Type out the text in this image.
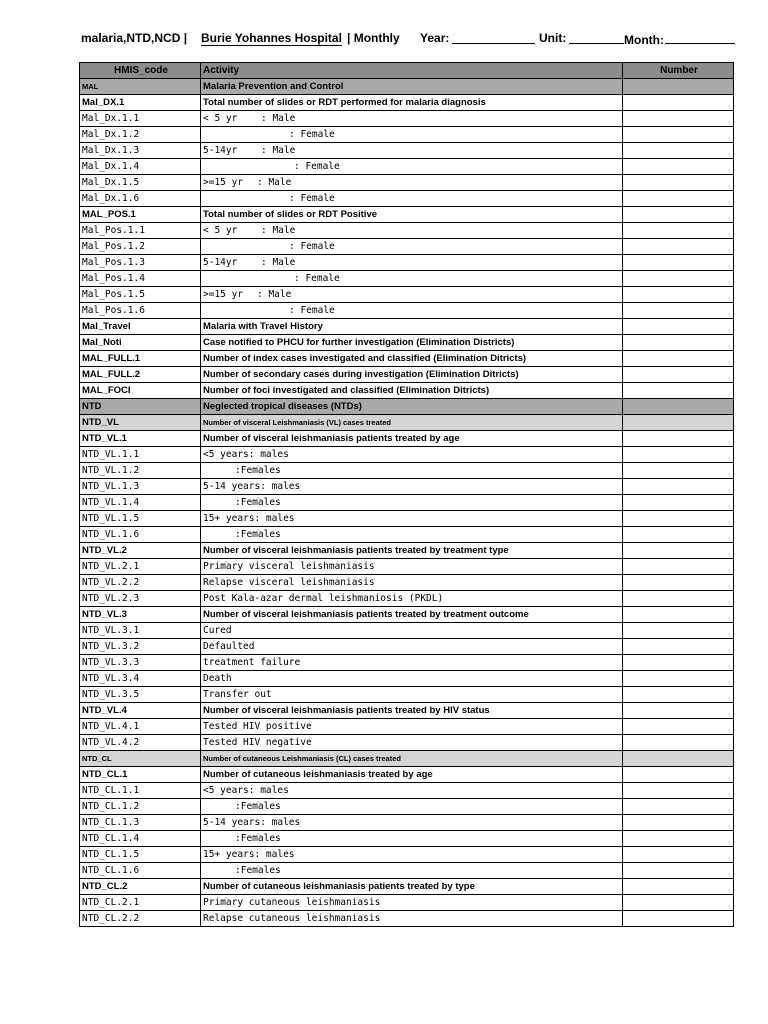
malaria,NTD,NCD | Burie Yohannes Hospital | Monthly Year:	Unit:	Month:
HMIS_code	Activity	Number
MAL	Malaria Prevention and Control	
Mal_DX.1	Total number of slides or RDT performed for malaria diagnosis	
Mal_Dx.1.1	< 5 yr : Male	
Mal_Dx.1.2	: Female	
Mal_Dx.1.3	5-14yr : Male	
Mal_Dx.1.4	: Female	
Mal_Dx.1.5	>=15 yr : Male	
Mal_Dx.1.6	: Female	
MAL_POS.1	Total number of slides or RDT Positive	
Mal_Pos.1.1	< 5 yr : Male	
Mal_Pos.1.2	: Female	
Mal_Pos.1.3	5-14yr : Male	
Mal_Pos.1.4	: Female	
Mal_Pos.1.5	>=15 yr : Male	
Mal_Pos.1.6	: Female	
Mal_Travel	Malaria with Travel History	
Mal_Noti	Case notified to PHCU for further investigation (Elimination Districts)	
MAL_FULL.1	Number of index cases investigated and classified (Elimination Ditricts)	
MAL_FULL.2	Number of secondary cases during investigation (Elimination Ditricts)	
MAL_FOCI	Number of foci investigated and classified (Elimination Ditricts)	
NTD	Neglected tropical diseases (NTDs)	
NTD_VL	Number of visceral Leishmaniasis (VL) cases treated	
NTD_VL.1	Number of visceral leishmaniasis patients treated by age	
NTD_VL.1.1	<5 years: males	
NTD_VL.1.2	:Females	
NTD_VL.1.3	5-14 years: males	
NTD_VL.1.4	:Females	
NTD_VL.1.5	15+ years: males	
NTD_VL.1.6	:Females	
NTD_VL.2	Number of visceral leishmaniasis patients treated by treatment type	
NTD_VL.2.1	Primary visceral leishmaniasis	
NTD_VL.2.2	Relapse visceral leishmaniasis	
NTD_VL.2.3	Post Kala-azar dermal leishmaniosis (PKDL)	
NTD_VL.3	Number of visceral leishmaniasis patients treated by treatment outcome	
NTD_VL.3.1	Cured	
NTD_VL.3.2	Defaulted	
NTD_VL.3.3	treatment failure	
NTD_VL.3.4	Death	
NTD_VL.3.5	Transfer out	
NTD_VL.4	Number of visceral leishmaniasis patients treated by HIV status	
NTD_VL.4.1	Tested HIV positive	
NTD_VL.4.2	Tested HIV negative	
NTD_CL	Number of cutaneous Leishmaniasis (CL) cases treated	
NTD_CL.1	Number of cutaneous leishmaniasis treated by age	
NTD_CL.1.1	<5 years: males	
NTD_CL.1.2	:Females	
NTD_CL.1.3	5-14 years: males	
NTD_CL.1.4	:Females	
NTD_CL.1.5	15+ years: males	
NTD_CL.1.6	:Females	
NTD_CL.2	Number of cutaneous leishmaniasis patients treated by type	
NTD_CL.2.1	Primary cutaneous leishmaniasis	
NTD_CL.2.2	Relapse cutaneous leishmaniasis	
